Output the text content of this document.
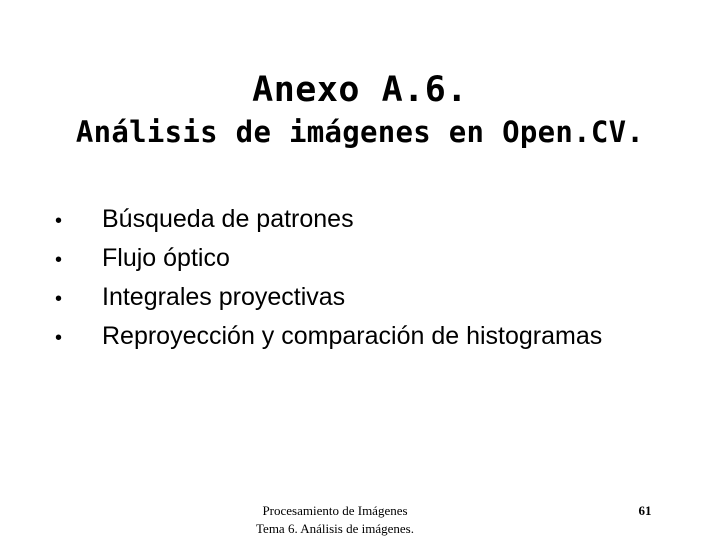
Anexo A.6.
Análisis de imágenes en Open.CV.
•	Búsqueda de patrones
•	Flujo óptico
•	Integrales proyectivas
•	Reproyección y comparación de histogramas
Procesamiento de Imágenes
Tema 6. Análisis de imágenes.
61
